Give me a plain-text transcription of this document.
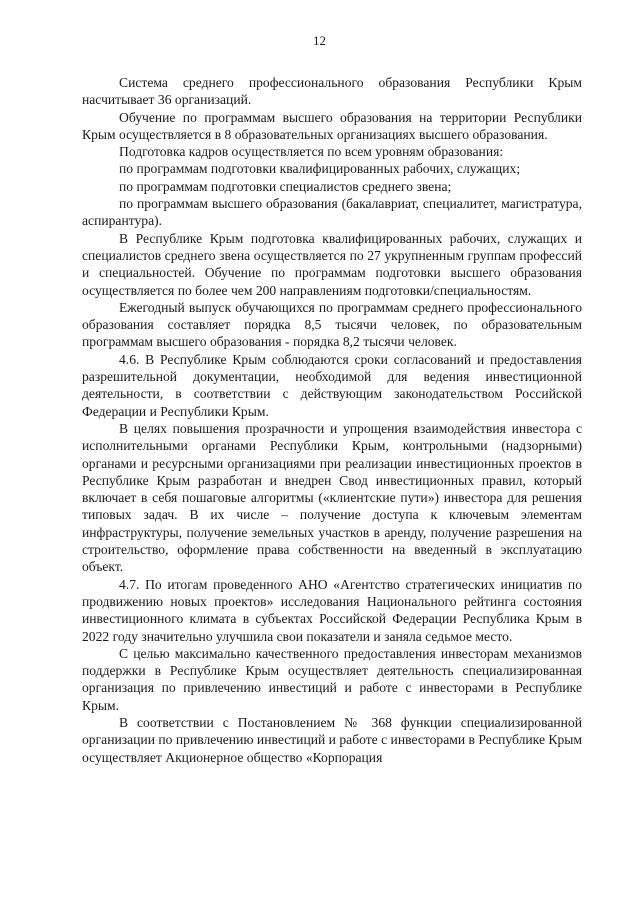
12

Система среднего профессионального образования Республики Крым насчитывает 36 организаций.

Обучение по программам высшего образования на территории Республики Крым осуществляется в 8 образовательных организациях высшего образования.

Подготовка кадров осуществляется по всем уровням образования:

по программам подготовки квалифицированных рабочих, служащих;

по программам подготовки специалистов среднего звена;

по программам высшего образования (бакалавриат, специалитет, магистратура, аспирантура).

В Республике Крым подготовка квалифицированных рабочих, служащих и специалистов среднего звена осуществляется по 27 укрупненным группам профессий и специальностей. Обучение по программам подготовки высшего образования осуществляется по более чем 200 направлениям подготовки/специальностям.

Ежегодный выпуск обучающихся по программам среднего профессионального образования составляет порядка 8,5 тысячи человек, по образовательным программам высшего образования - порядка 8,2 тысячи человек.

4.6. В Республике Крым соблюдаются сроки согласований и предоставления разрешительной документации, необходимой для ведения инвестиционной деятельности, в соответствии с действующим законодательством Российской Федерации и Республики Крым.

В целях повышения прозрачности и упрощения взаимодействия инвестора с исполнительными органами Республики Крым, контрольными (надзорными) органами и ресурсными организациями при реализации инвестиционных проектов в Республике Крым разработан и внедрен Свод инвестиционных правил, который включает в себя пошаговые алгоритмы («клиентские пути») инвестора для решения типовых задач. В их числе – получение доступа к ключевым элементам инфраструктуры, получение земельных участков в аренду, получение разрешения на строительство, оформление права собственности на введенный в эксплуатацию объект.

4.7. По итогам проведенного АНО «Агентство стратегических инициатив по продвижению новых проектов» исследования Национального рейтинга состояния инвестиционного климата в субъектах Российской Федерации Республика Крым в 2022 году значительно улучшила свои показатели и заняла седьмое место.

С целью максимально качественного предоставления инвесторам механизмов поддержки в Республике Крым осуществляет деятельность специализированная организация по привлечению инвестиций и работе с инвесторами в Республике Крым.

В соответствии с Постановлением № 368 функции специализированной организации по привлечению инвестиций и работе с инвесторами в Республике Крым осуществляет Акционерное общество «Корпорация
